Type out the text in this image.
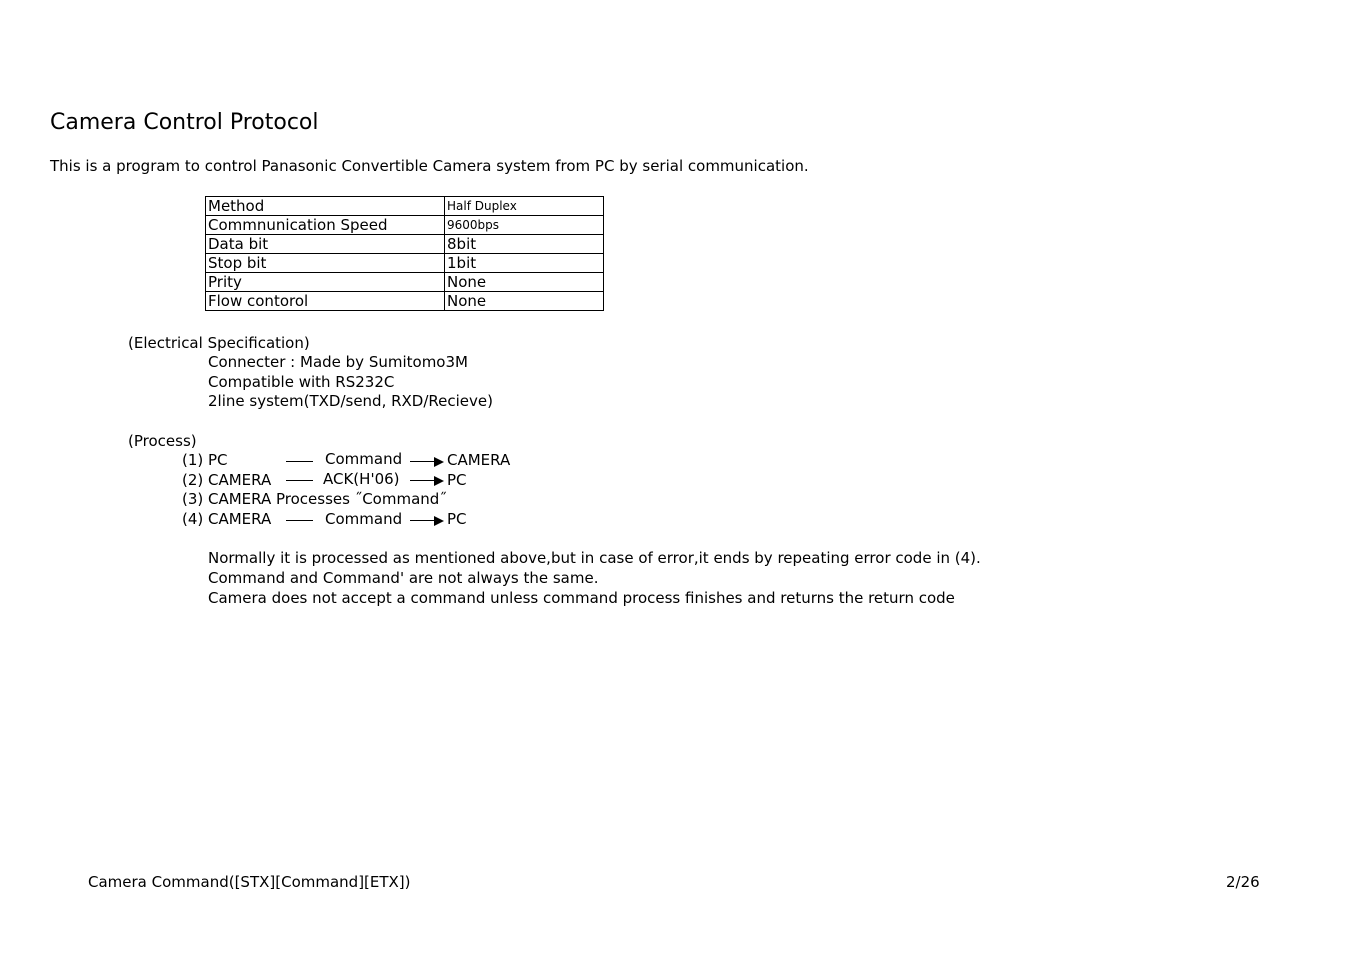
Camera Control Protocol
This is a program to control Panasonic Convertible Camera system from PC by serial communication.
Method	Half Duplex
Commnunication Speed	9600bps
Data bit	8bit
Stop bit	1bit
Prity	None
Flow contorol	None
(Electrical Specification)
Connecter : Made by Sumitomo3M
Compatible with RS232C
2line system(TXD/send, RXD/Recieve)
(Process)
(1) PC	Command	CAMERA
(2) CAMERA	ACK(H'06)	PC
(3) CAMERA Processes ˝Command˝
(4) CAMERA	Command	PC
Normally it is processed as mentioned above,but in case of error,it ends by repeating error code in (4).
Command and Command' are not always the same.
Camera does not accept a command unless command process finishes and returns the return code
Camera Command([STX][Command][ETX])	2/26
